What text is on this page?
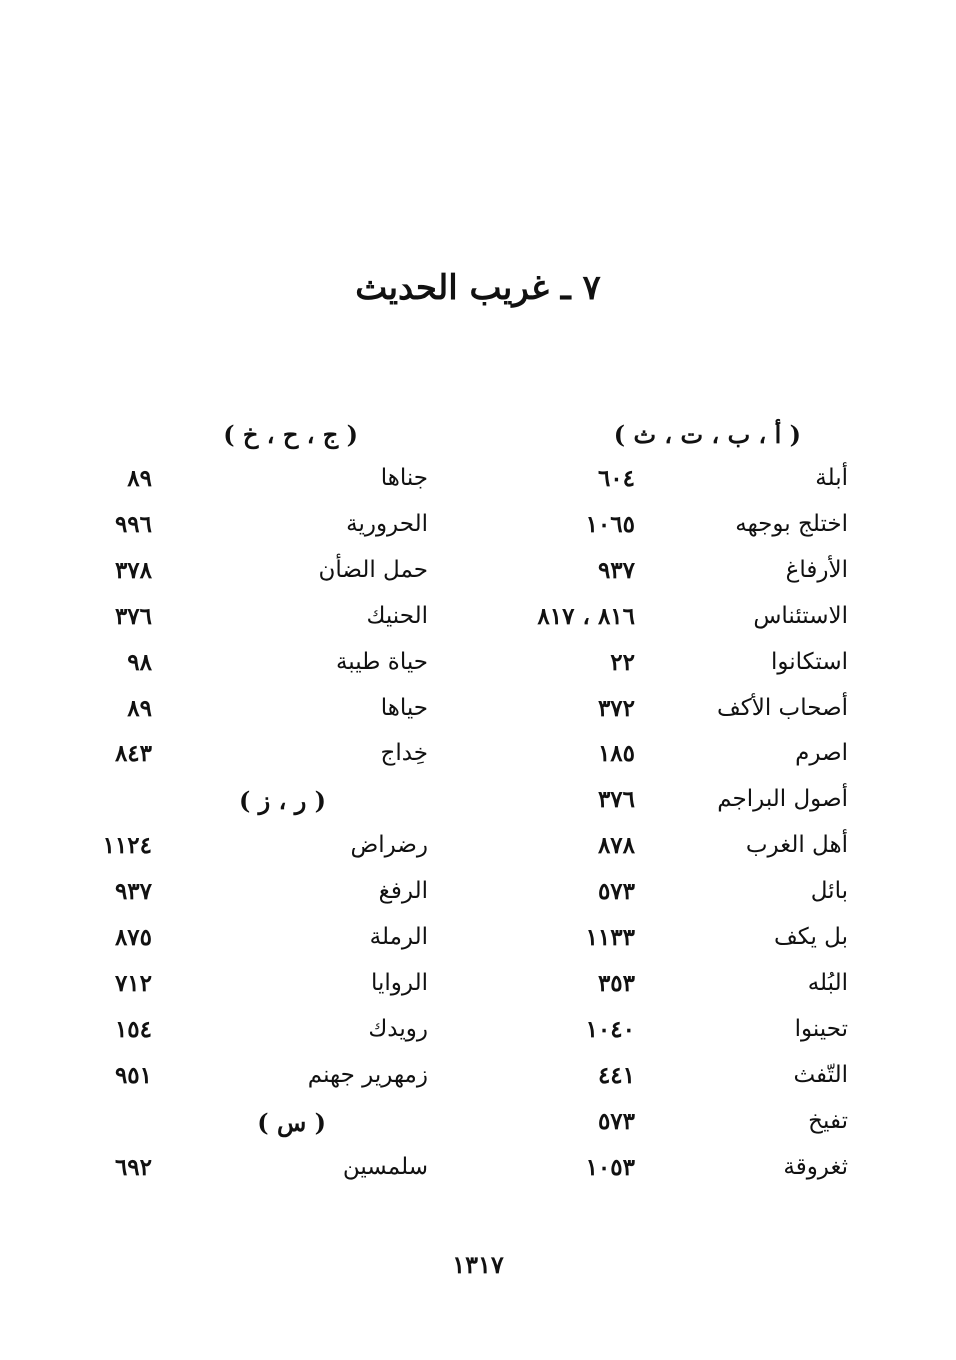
٧ ـ غريب الحديث
( أ ، ب ، ت ، ث )
( ج ، ح ، خ )
أبلة
٦٠٤
جناها
٨٩
اختلج بوجهه
١٠٦٥
الحرورية
٩٩٦
الأرفاغ
٩٣٧
حمل الضأن
٣٧٨
الاستئناس
٨١٦ ، ٨١٧
الحنيك
٣٧٦
استكانوا
٢٢
حياة طيبة
٩٨
أصحاب الأكف
٣٧٢
حياها
٨٩
اصرم
١٨٥
خِداج
٨٤٣
أصول البراجم
٣٧٦
( ر ، ز )
أهل الغرب
٨٧٨
رضراض
١١٢٤
بائل
٥٧٣
الرفغ
٩٣٧
بل يكف
١١٣٣
الرملة
٨٧٥
البُله
٣٥٣
الروايا
٧١٢
تحينوا
١٠٤٠
رويدك
١٥٤
التّفث
٤٤١
زمهرير جهنم
٩٥١
تفيخ
٥٧٣
( س )
ثغروقة
١٠٥٣
سلمسين
٦٩٢
١٣١٧
